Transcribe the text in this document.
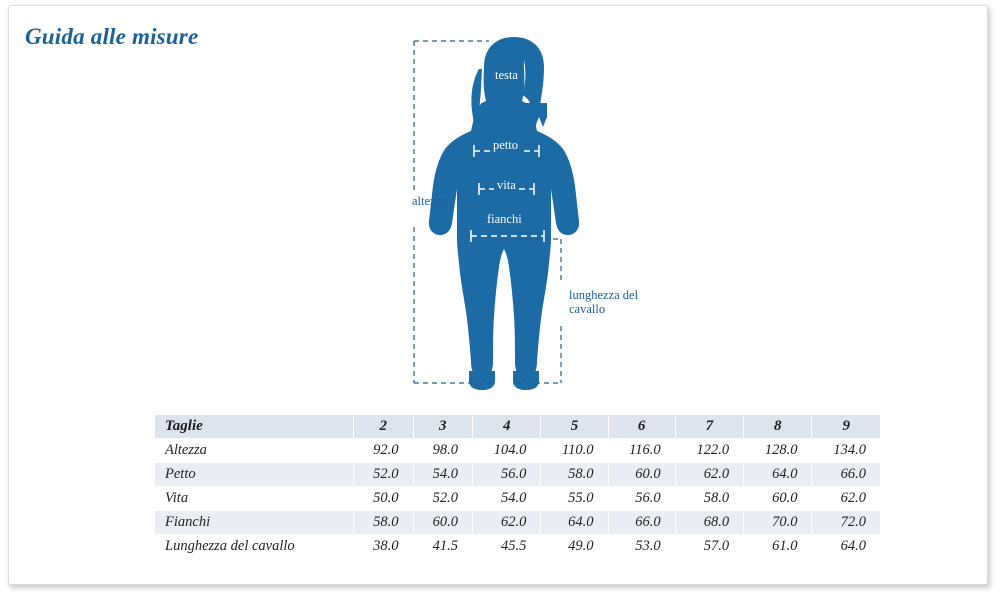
Guida alle misure
testa
petto
vita
fianchi
altezza
lunghezza del
cavallo
Taglie	2	3	4	5	6	7	8	9
Altezza	92.0	98.0	104.0	110.0	116.0	122.0	128.0	134.0
Petto	52.0	54.0	56.0	58.0	60.0	62.0	64.0	66.0
Vita	50.0	52.0	54.0	55.0	56.0	58.0	60.0	62.0
Fianchi	58.0	60.0	62.0	64.0	66.0	68.0	70.0	72.0
Lunghezza del cavallo	38.0	41.5	45.5	49.0	53.0	57.0	61.0	64.0
